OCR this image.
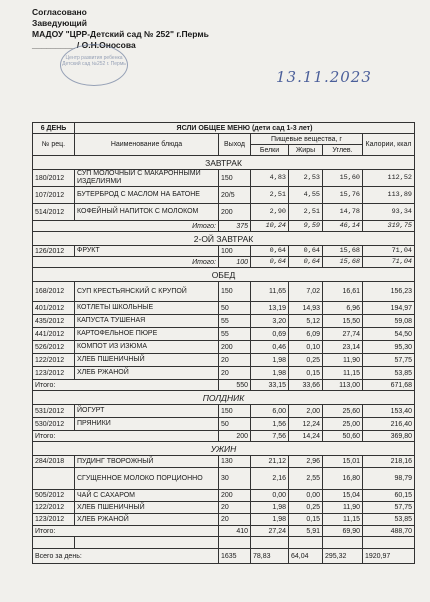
Согласовано
Заведующий
МАДОУ "ЦРР-Детский сад № 252" г.Пермь
_________ / О.Н.Оносова
Центр развития ребенка Детский сад №252 г. Пермь
13.11.2023
6 ДЕНЬ	ЯСЛИ ОБЩЕЕ МЕНЮ (дети сад 1-3 лет)					
№ рец.	Наименование блюда	Выход	Пищевые вещества, г			Калории, ккал
			Белки	Жиры	Углев.	
ЗАВТРАК						
180/2012	СУП МОЛОЧНЫЙ С МАКАРОННЫМИ ИЗДЕЛИЯМИ	150	4,83	2,53	15,60	112,52
107/2012	БУТЕРБРОД С МАСЛОМ НА БАТОНЕ	20/5	2,51	4,55	15,76	113,89
514/2012	КОФЕЙНЫЙ НАПИТОК С МОЛОКОМ	200	2,90	2,51	14,78	93,34
Итого:		375	10,24	9,59	46,14	319,75
2-ОЙ ЗАВТРАК						
126/2012	ФРУКТ	100	0,64	0,64	15,68	71,04
Итого:		100	0,64	0,64	15,68	71,04
ОБЕД						
168/2012	СУП КРЕСТЬЯНСКИЙ С КРУПОЙ	150	11,65	7,02	16,61	156,23
401/2012	КОТЛЕТЫ ШКОЛЬНЫЕ	50	13,19	14,93	6,96	194,97
435/2012	КАПУСТА ТУШЕНАЯ	55	3,20	5,12	15,50	59,08
441/2012	КАРТОФЕЛЬНОЕ ПЮРЕ	55	0,69	6,09	27,74	54,50
526/2012	КОМПОТ ИЗ ИЗЮМА	200	0,46	0,10	23,14	95,30
122/2012	ХЛЕБ ПШЕНИЧНЫЙ	20	1,98	0,25	11,90	57,75
123/2012	ХЛЕБ РЖАНОЙ	20	1,98	0,15	11,15	53,85
Итого:		550	33,15	33,66	113,00	671,68
ПОЛДНИК						
531/2012	ЙОГУРТ	150	6,00	2,00	25,60	153,40
530/2012	ПРЯНИКИ	50	1,56	12,24	25,00	216,40
Итого:		200	7,56	14,24	50,60	369,80
УЖИН						
284/2018	ПУДИНГ ТВОРОЖНЫЙ	130	21,12	2,96	15,01	218,16
	СГУЩЕННОЕ МОЛОКО ПОРЦИОННО	30	2,16	2,55	16,80	98,79
505/2012	ЧАЙ С САХАРОМ	200	0,00	0,00	15,04	60,15
122/2012	ХЛЕБ ПШЕНИЧНЫЙ	20	1,98	0,25	11,90	57,75
123/2012	ХЛЕБ РЖАНОЙ	20	1,98	0,15	11,15	53,85
Итого:		410	27,24	5,91	69,90	488,70

Всего за день:		1635	78,83	64,04	295,32	1920,97
